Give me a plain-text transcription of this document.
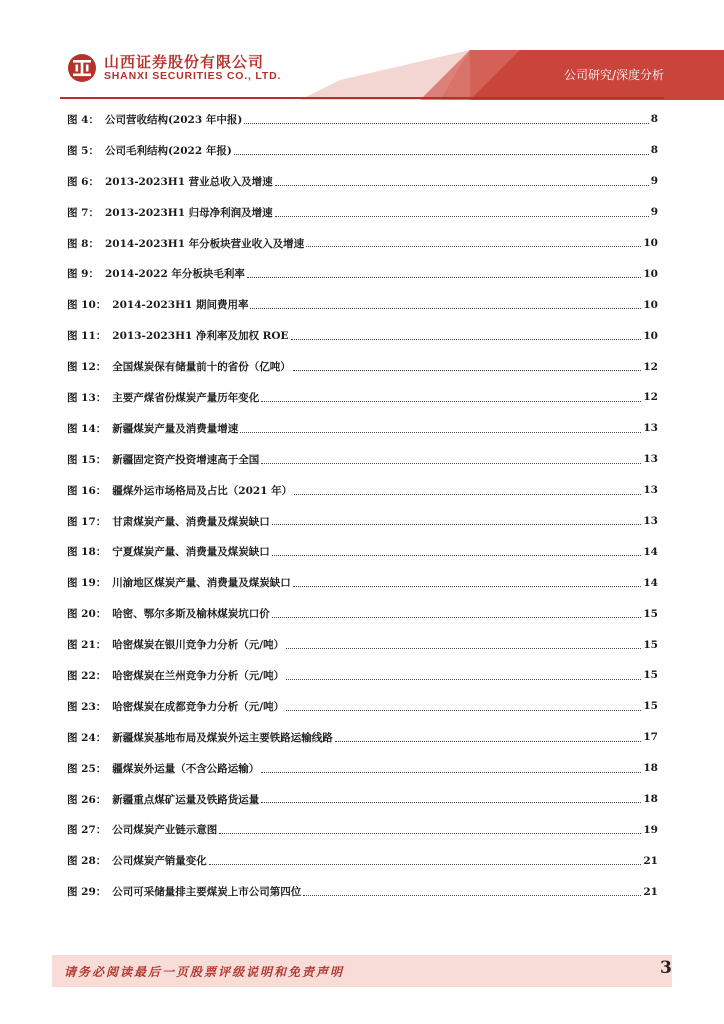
山西证券股份有限公司
SHANXI SECURITIES CO., LTD.	公司研究/深度分析
图 4： 公司营收结构(2023 年中报)	8
图 5： 公司毛利结构(2022 年报)	8
图 6： 2013-2023H1 营业总收入及增速	9
图 7： 2013-2023H1 归母净利润及增速	9
图 8： 2014-2023H1 年分板块营业收入及增速	10
图 9： 2014-2022 年分板块毛利率	10
图 10： 2014-2023H1 期间费用率	10
图 11： 2013-2023H1 净利率及加权 ROE	10
图 12： 全国煤炭保有储量前十的省份（亿吨）	12
图 13： 主要产煤省份煤炭产量历年变化	12
图 14： 新疆煤炭产量及消费量增速	13
图 15： 新疆固定资产投资增速高于全国	13
图 16： 疆煤外运市场格局及占比（2021 年）	13
图 17： 甘肃煤炭产量、消费量及煤炭缺口	13
图 18： 宁夏煤炭产量、消费量及煤炭缺口	14
图 19： 川渝地区煤炭产量、消费量及煤炭缺口	14
图 20： 哈密、鄂尔多斯及榆林煤炭坑口价	15
图 21： 哈密煤炭在银川竞争力分析（元/吨）	15
图 22： 哈密煤炭在兰州竞争力分析（元/吨）	15
图 23： 哈密煤炭在成都竞争力分析（元/吨）	15
图 24： 新疆煤炭基地布局及煤炭外运主要铁路运输线路	17
图 25： 疆煤炭外运量（不含公路运输）	18
图 26： 新疆重点煤矿运量及铁路货运量	18
图 27： 公司煤炭产业链示意图	19
图 28： 公司煤炭产销量变化	21
图 29： 公司可采储量排主要煤炭上市公司第四位	21
请务必阅读最后一页股票评级说明和免责声明	3
